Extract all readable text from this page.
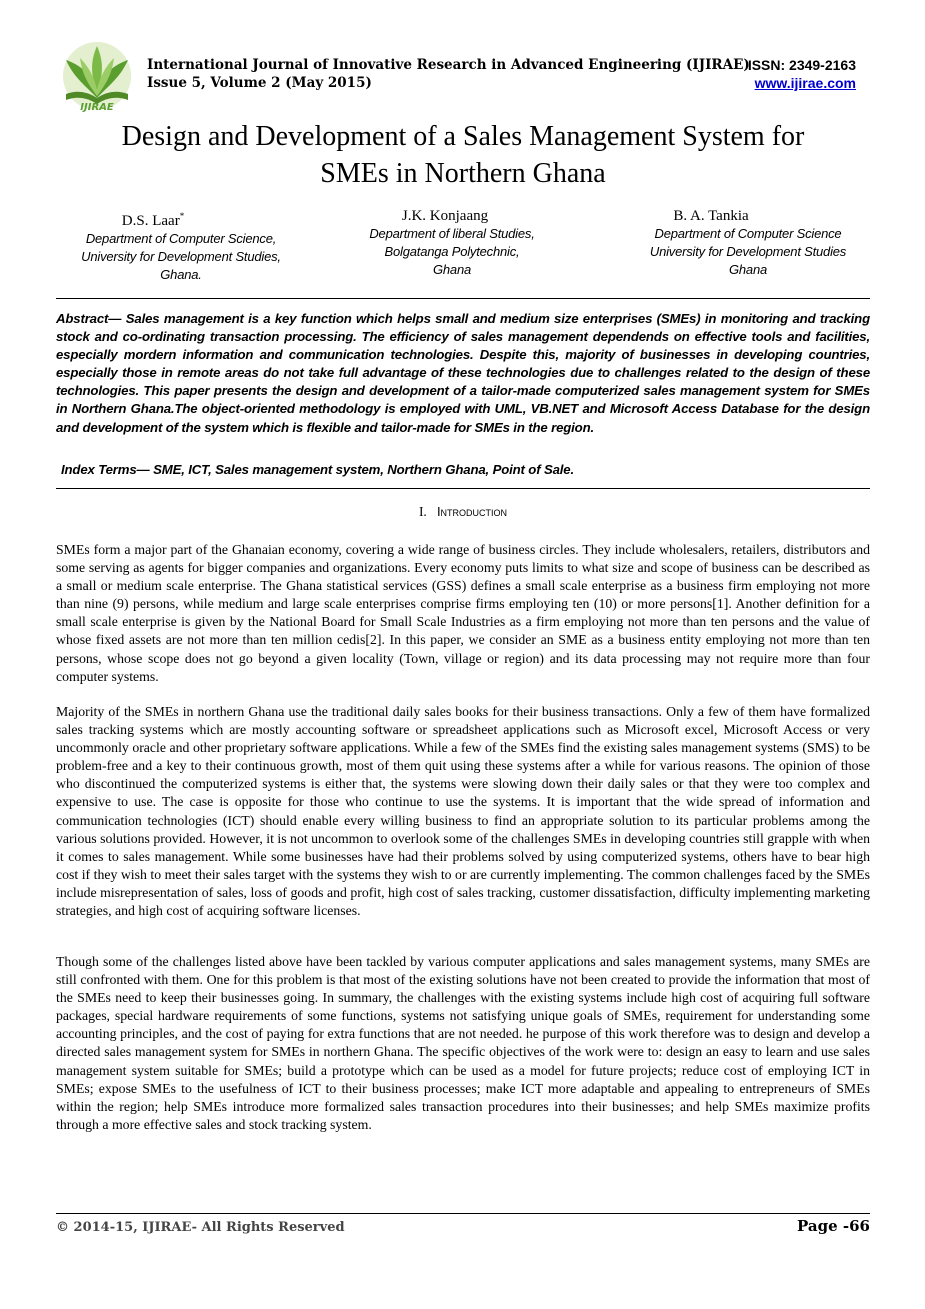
IJIRAE
International Journal of Innovative Research in Advanced Engineering (IJIRAE)
Issue 5, Volume 2 (May 2015)
ISSN: 2349-2163
www.ijirae.com
Design and Development of a Sales Management System for
SMEs in Northern Ghana
D.S. Laar*
Department of Computer Science,
University for Development Studies,
Ghana.
J.K. Konjaang
Department of liberal Studies,
Bolgatanga Polytechnic,
Ghana
B. A. Tankia
Department of Computer Science
University for Development Studies
Ghana
Abstract— Sales management is a key function which helps small and medium size enterprises (SMEs) in monitoring and tracking stock and co-ordinating transaction processing. The efficiency of sales management dependends on effective tools and facilities, especially mordern information and communication technologies. Despite this, majority of businesses in developing countries, especially those in remote areas do not take full advantage of these technologies due to challenges related to the design of these technologies. This paper presents the design and development of a tailor-made computerized sales management system for SMEs in Northern Ghana.The object-oriented methodology is employed with UML, VB.NET and Microsoft Access Database for the design and development of the system which is flexible and tailor-made for SMEs in the region.
Index Terms— SME, ICT, Sales management system, Northern Ghana, Point of Sale.
I. Introduction

SMEs form a major part of the Ghanaian economy, covering a wide range of business circles. They include wholesalers, retailers, distributors and some serving as agents for bigger companies and organizations. Every economy puts limits to what size and scope of business can be described as a small or medium scale enterprise. The Ghana statistical services (GSS) defines a small scale enterprise as a business firm employing not more than nine (9) persons, while medium and large scale enterprises comprise firms employing ten (10) or more persons[1]. Another definition for a small scale enterprise is given by the National Board for Small Scale Industries as a firm employing not more than ten persons and the value of whose fixed assets are not more than ten million cedis[2]. In this paper, we consider an SME as a business entity employing not more than ten persons, whose scope does not go beyond a given locality (Town, village or region) and its data processing may not require more than four computer systems.

Majority of the SMEs in northern Ghana use the traditional daily sales books for their business transactions. Only a few of them have formalized sales tracking systems which are mostly accounting software or spreadsheet applications such as Microsoft excel, Microsoft Access or very uncommonly oracle and other proprietary software applications. While a few of the SMEs find the existing sales management systems (SMS) to be problem-free and a key to their continuous growth, most of them quit using these systems after a while for various reasons. The opinion of those who discontinued the computerized systems is either that, the systems were slowing down their daily sales or that they were too complex and expensive to use. The case is opposite for those who continue to use the systems. It is important that the wide spread of information and communication technologies (ICT) should enable every willing business to find an appropriate solution to its particular problems among the various solutions provided. However, it is not uncommon to overlook some of the challenges SMEs in developing countries still grapple with when it comes to sales management. While some businesses have had their problems solved by using computerized systems, others have to bear high cost if they wish to meet their sales target with the systems they wish to or are currently implementing. The common challenges faced by the SMEs include misrepresentation of sales, loss of goods and profit, high cost of sales tracking, customer dissatisfaction, difficulty implementing marketing strategies, and high cost of acquiring software licenses.

Though some of the challenges listed above have been tackled by various computer applications and sales management systems, many SMEs are still confronted with them. One for this problem is that most of the existing solutions have not been created to provide the information that most of the SMEs need to keep their businesses going. In summary, the challenges with the existing systems include high cost of acquiring full software packages, special hardware requirements of some functions, systems not satisfying unique goals of SMEs, requirement for understanding some accounting principles, and the cost of paying for extra functions that are not needed. he purpose of this work therefore was to design and develop a directed sales management system for SMEs in northern Ghana. The specific objectives of the work were to: design an easy to learn and use sales management system suitable for SMEs; build a prototype which can be used as a model for future projects; reduce cost of employing ICT in SMEs; expose SMEs to the usefulness of ICT to their business processes; make ICT more adaptable and appealing to entrepreneurs of SMEs within the region; help SMEs introduce more formalized sales transaction procedures into their businesses; and help SMEs maximize profits through a more effective sales and stock tracking system.

© 2014-15, IJIRAE- All Rights Reserved	Page -66
